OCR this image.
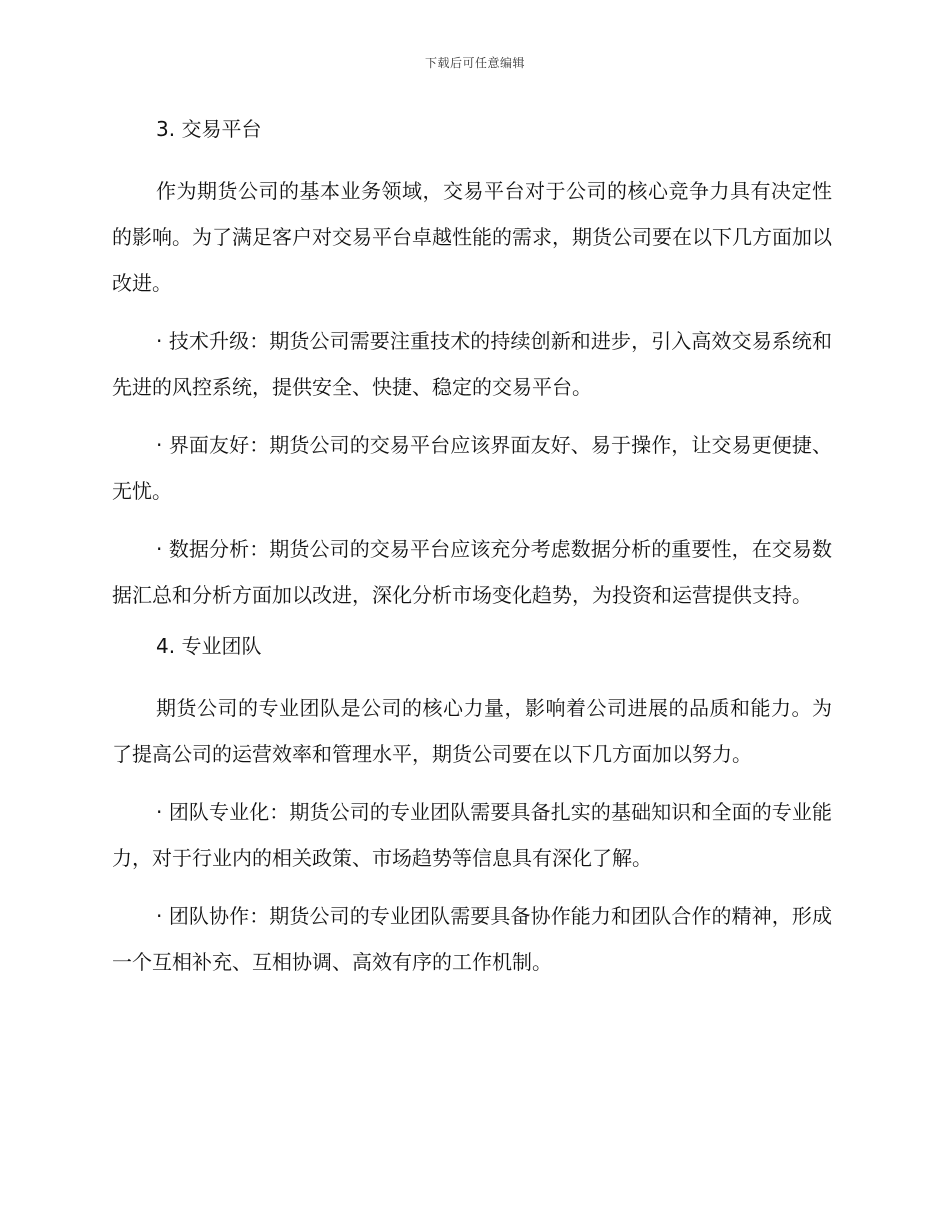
下载后可任意编辑
3. 交易平台

作为期货公司的基本业务领域，交易平台对于公司的核心竞争力具有决定性的影响。为了满足客户对交易平台卓越性能的需求，期货公司要在以下几方面加以改进。

· 技术升级：期货公司需要注重技术的持续创新和进步，引入高效交易系统和先进的风控系统，提供安全、快捷、稳定的交易平台。

· 界面友好：期货公司的交易平台应该界面友好、易于操作，让交易更便捷、无忧。

· 数据分析：期货公司的交易平台应该充分考虑数据分析的重要性，在交易数据汇总和分析方面加以改进，深化分析市场变化趋势，为投资和运营提供支持。

4. 专业团队

期货公司的专业团队是公司的核心力量，影响着公司进展的品质和能力。为了提高公司的运营效率和管理水平，期货公司要在以下几方面加以努力。

· 团队专业化：期货公司的专业团队需要具备扎实的基础知识和全面的专业能力，对于行业内的相关政策、市场趋势等信息具有深化了解。

· 团队协作：期货公司的专业团队需要具备协作能力和团队合作的精神，形成一个互相补充、互相协调、高效有序的工作机制。
